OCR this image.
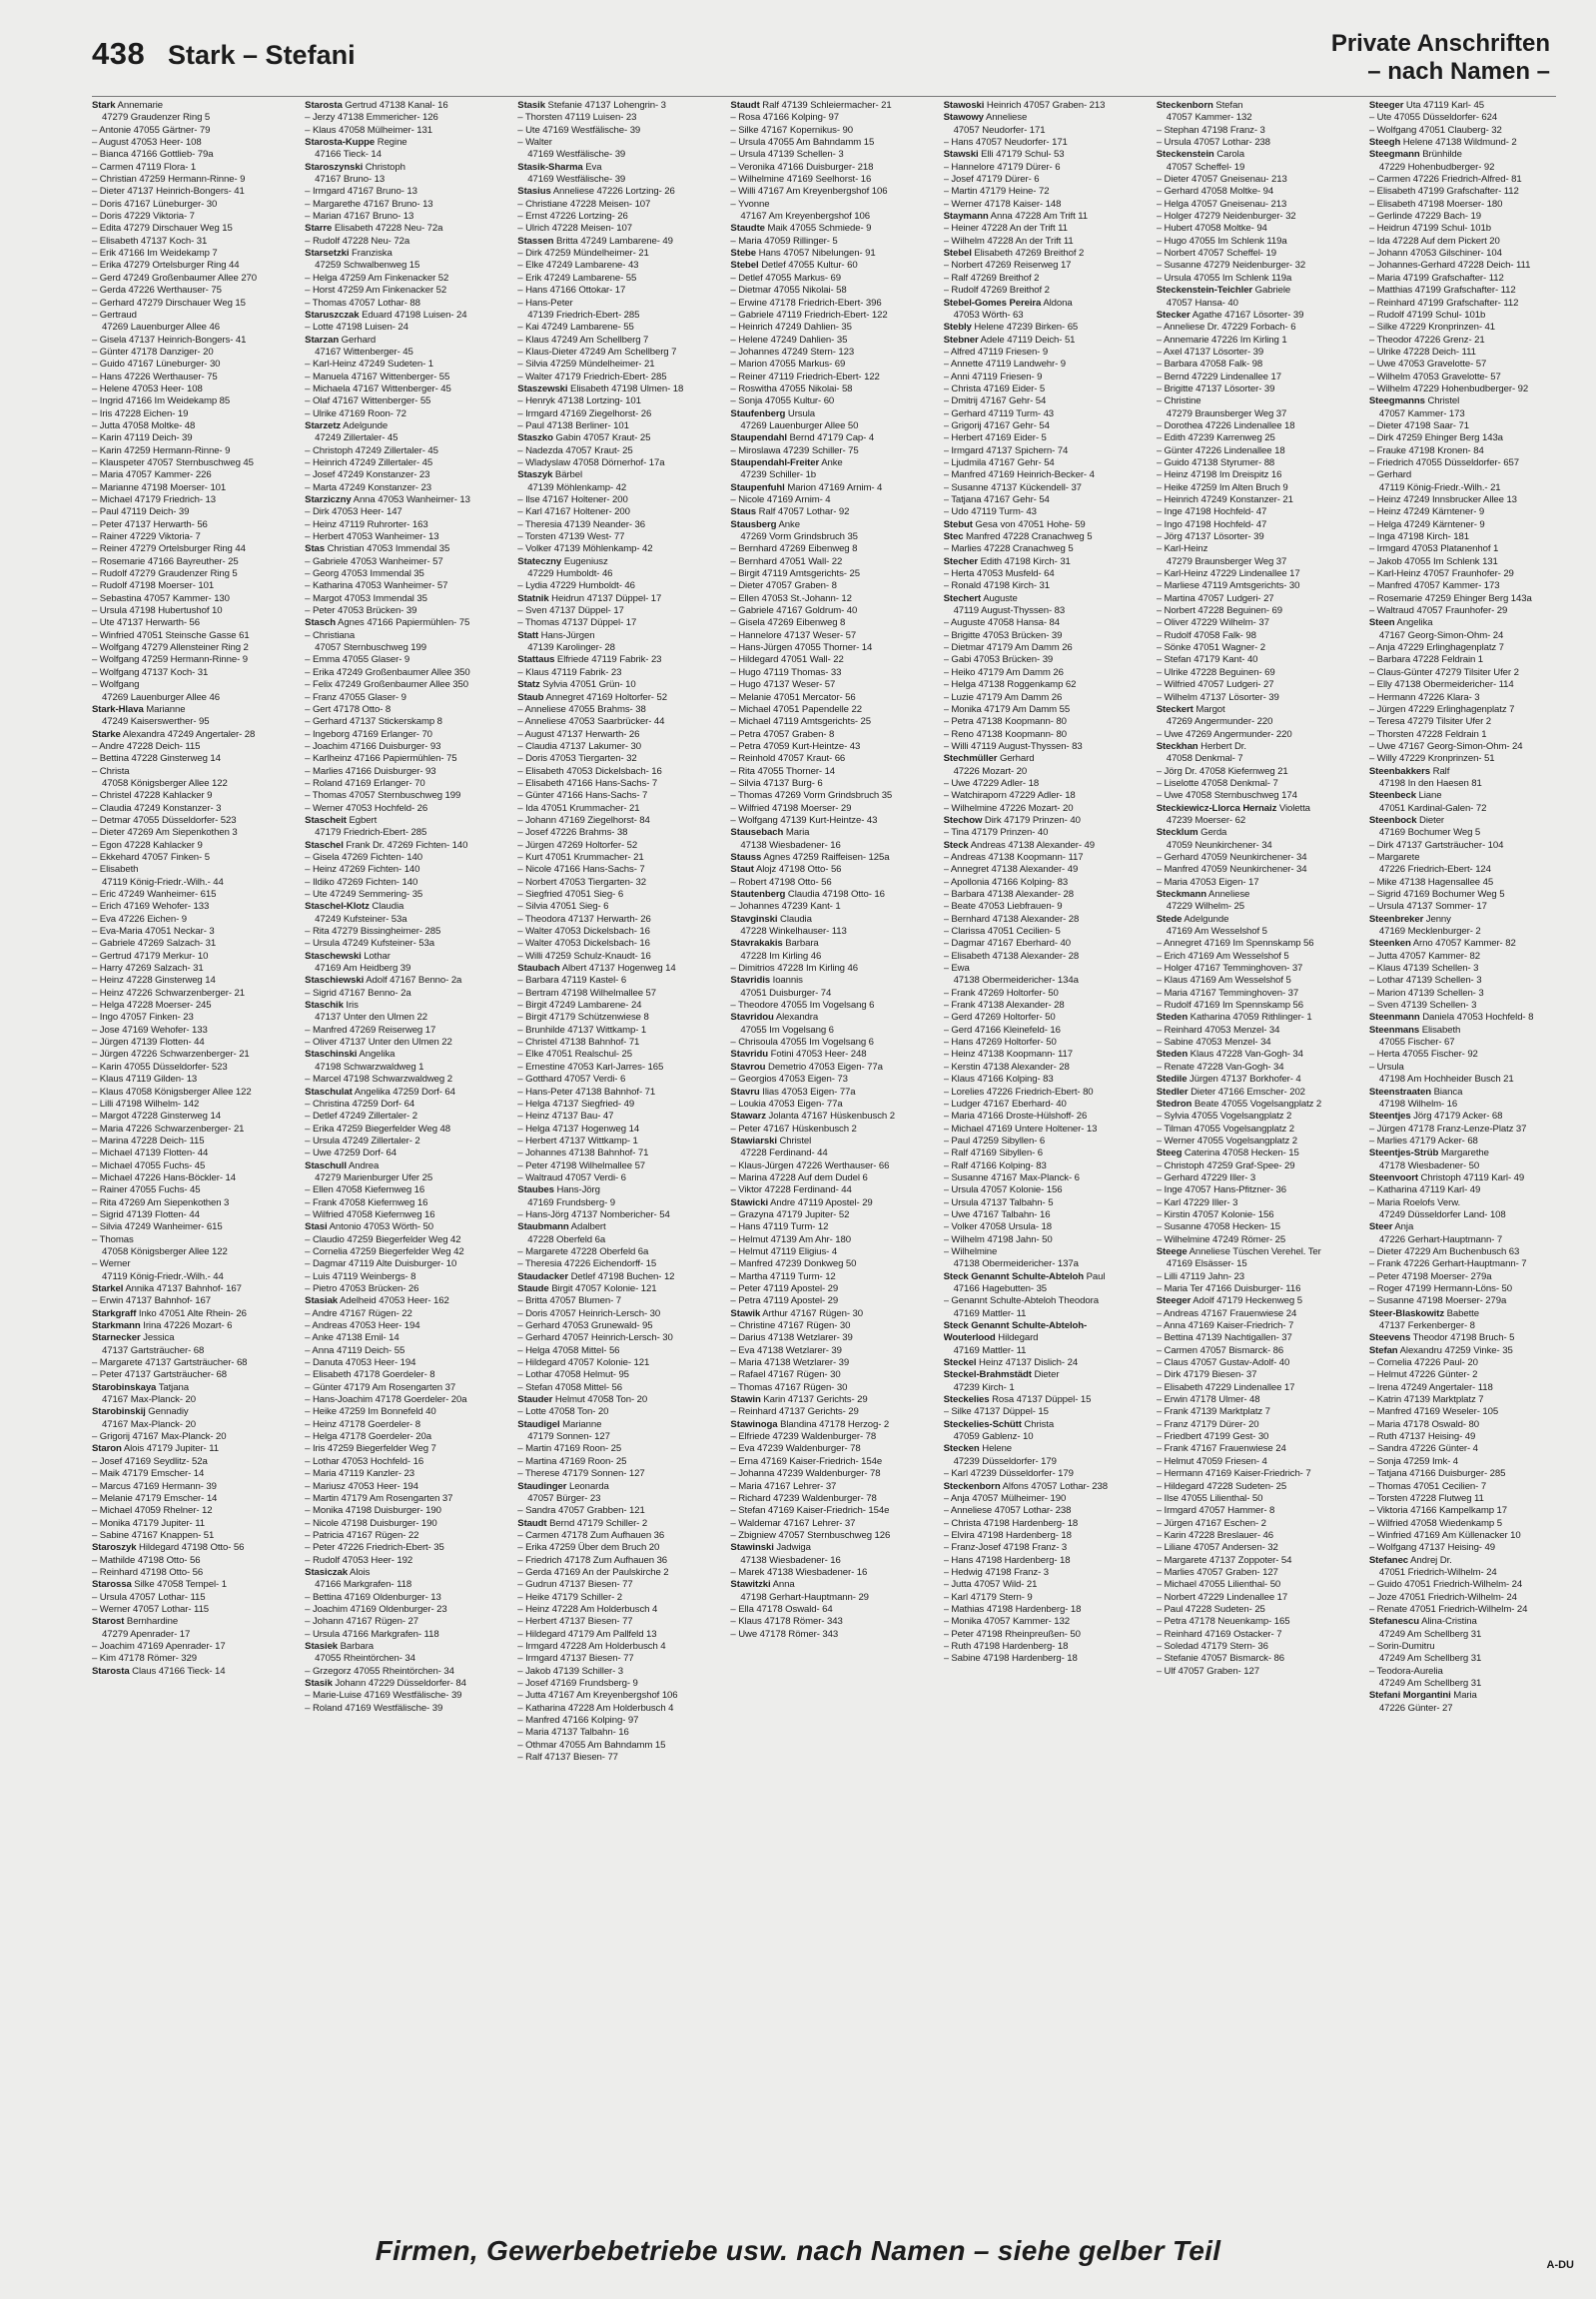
438 Stark – Stefani	Private Anschriften
– nach Namen –
Stark Annemarie
47279 Graudenzer Ring 5
– Antonie 47055 Gärtner- 79
– August 47053 Heer- 108
– Bianca 47166 Gottlieb- 79a
– Carmen 47119 Flora- 1
– Christian 47259 Hermann-Rinne- 9
– Dieter 47137 Heinrich-Bongers- 41
– Doris 47167 Lüneburger- 30
– Doris 47229 Viktoria- 7
– Edita 47279 Dirschauer Weg 15
– Elisabeth 47137 Koch- 31
– Erik 47166 Im Weidekamp 7
– Erika 47279 Ortelsburger Ring 44
– Gerd 47249 Großenbaumer Allee 270
– Gerda 47226 Werthauser- 75
– Gerhard 47279 Dirschauer Weg 15
– Gertraud
47269 Lauenburger Allee 46
– Gisela 47137 Heinrich-Bongers- 41
– Günter 47178 Danziger- 20
– Guido 47167 Lüneburger- 30
– Hans 47226 Werthauser- 75
– Helene 47053 Heer- 108
– Ingrid 47166 Im Weidekamp 85
– Iris 47228 Eichen- 19
– Jutta 47058 Moltke- 48
– Karin 47119 Deich- 39
– Karin 47259 Hermann-Rinne- 9
– Klauspeter 47057 Sternbuschweg 45
– Maria 47057 Kammer- 226
– Marianne 47198 Moerser- 101
– Michael 47179 Friedrich- 13
– Paul 47119 Deich- 39
– Peter 47137 Herwarth- 56
– Rainer 47229 Viktoria- 7
– Reiner 47279 Ortelsburger Ring 44
– Rosemarie 47166 Bayreuther- 25
– Rudolf 47279 Graudenzer Ring 5
– Rudolf 47198 Moerser- 101
– Sebastina 47057 Kammer- 130
– Ursula 47198 Hubertushof 10
– Ute 47137 Herwarth- 56
– Winfried 47051 Steinsche Gasse 61
– Wolfgang 47279 Allensteiner Ring 2
– Wolfgang 47259 Hermann-Rinne- 9
– Wolfgang 47137 Koch- 31
– Wolfgang
47269 Lauenburger Allee 46
Stark-Hlava Marianne
47249 Kaiserswerther- 95
Starke Alexandra 47249 Angertaler- 28
– Andre 47228 Deich- 115
– Bettina 47228 Ginsterweg 14
– Christa
47058 Königsberger Allee 122
– Christel 47228 Kahlacker 9
– Claudia 47249 Konstanzer- 3
– Detmar 47055 Düsseldorfer- 523
– Dieter 47269 Am Siepenkothen 3
– Egon 47228 Kahlacker 9
– Ekkehard 47057 Finken- 5
– Elisabeth
47119 König-Friedr.-Wilh.- 44
– Eric 47249 Wanheimer- 615
– Erich 47169 Wehofer- 133
– Eva 47226 Eichen- 9
– Eva-Maria 47051 Neckar- 3
– Gabriele 47269 Salzach- 31
– Gertrud 47179 Merkur- 10
– Harry 47269 Salzach- 31
– Heinz 47228 Ginsterweg 14
– Heinz 47226 Schwarzenberger- 21
– Helga 47228 Moerser- 245
– Ingo 47057 Finken- 23
– Jose 47169 Wehofer- 133
– Jürgen 47139 Flotten- 44
– Jürgen 47226 Schwarzenberger- 21
– Karin 47055 Düsseldorfer- 523
– Klaus 47119 Gilden- 13
– Klaus 47058 Königsberger Allee 122
– Lilli 47198 Wilhelm- 142
– Margot 47228 Ginsterweg 14
– Maria 47226 Schwarzenberger- 21
– Marina 47228 Deich- 115
– Michael 47139 Flotten- 44
– Michael 47055 Fuchs- 45
– Michael 47226 Hans-Böckler- 14
– Rainer 47055 Fuchs- 45
– Rita 47269 Am Siepenkothen 3
– Sigrid 47139 Flotten- 44
– Silvia 47249 Wanheimer- 615
– Thomas
47058 Königsberger Allee 122
– Werner
47119 König-Friedr.-Wilh.- 44
Starkel Annika 47137 Bahnhof- 167
– Erwin 47137 Bahnhof- 167
Starkgraff Inko 47051 Alte Rhein- 26
Starkmann Irina 47226 Mozart- 6
Starnecker Jessica
47137 Gartsträucher- 68
– Margarete 47137 Gartsträucher- 68
– Peter 47137 Gartsträucher- 68
Starobinskaya Tatjana
47167 Max-Planck- 20
Starobinskij Gennadiy
47167 Max-Planck- 20
– Grigorij 47167 Max-Planck- 20
Staron Alois 47179 Jupiter- 11
– Josef 47169 Seydlitz- 52a
– Maik 47179 Emscher- 14
– Marcus 47169 Hermann- 39
– Melanie 47179 Emscher- 14
– Michael 47059 Rhelner- 12
– Monika 47179 Jupiter- 11
– Sabine 47167 Knappen- 51
Staroszyk Hildegard 47198 Otto- 56
– Mathilde 47198 Otto- 56
– Reinhard 47198 Otto- 56
Starossa Silke 47058 Tempel- 1
– Ursula 47057 Lothar- 115
– Werner 47057 Lothar- 115
Starost Bernhardine
47279 Apenrader- 17
– Joachim 47169 Apenrader- 17
– Kim 47178 Römer- 329
Starosta Claus 47166 Tieck- 14
Starosta Gertrud 47138 Kanal- 16
– Jerzy 47138 Emmericher- 126
– Klaus 47058 Mülheimer- 131
Starosta-Kuppe Regine
47166 Tieck- 14
Staroszynski Christoph
47167 Bruno- 13
– Irmgard 47167 Bruno- 13
– Margarethe 47167 Bruno- 13
– Marian 47167 Bruno- 13
Starre Elisabeth 47228 Neu- 72a
– Rudolf 47228 Neu- 72a
Starsetzki Franziska
47259 Schwalbenweg 15
– Helga 47259 Am Finkenacker 52
– Horst 47259 Am Finkenacker 52
– Thomas 47057 Lothar- 88
Staruszczak Eduard 47198 Luisen- 24
– Lotte 47198 Luisen- 24
Starzan Gerhard
47167 Wittenberger- 45
– Karl-Heinz 47249 Sudeten- 1
– Manuela 47167 Wittenberger- 55
– Michaela 47167 Wittenberger- 45
– Olaf 47167 Wittenberger- 55
– Ulrike 47169 Roon- 72
Starzetz Adelgunde
47249 Zillertaler- 45
– Christoph 47249 Zillertaler- 45
– Heinrich 47249 Zillertaler- 45
– Josef 47249 Konstanzer- 23
– Marta 47249 Konstanzer- 23
Starziczny Anna 47053 Wanheimer- 13
– Dirk 47053 Heer- 147
– Heinz 47119 Ruhrorter- 163
– Herbert 47053 Wanheimer- 13
Stas Christian 47053 Immendal 35
– Gabriele 47053 Wanheimer- 57
– Georg 47053 Immendal 35
– Katharina 47053 Wanheimer- 57
– Margot 47053 Immendal 35
– Peter 47053 Brücken- 39
Stasch Agnes 47166 Papiermühlen- 75
– Christiana
47057 Sternbuschweg 199
– Emma 47055 Glaser- 9
– Erika 47249 Großenbaumer Allee 350
– Felix 47249 Großenbaumer Allee 350
– Franz 47055 Glaser- 9
– Gert 47178 Otto- 8
– Gerhard 47137 Stickerskamp 8
– Ingeborg 47169 Erlanger- 70
– Joachim 47166 Duisburger- 93
– Karlheinz 47166 Papiermühlen- 75
– Marlies 47166 Duisburger- 93
– Roland 47169 Erlanger- 70
– Thomas 47057 Sternbuschweg 199
– Werner 47053 Hochfeld- 26
Stascheit Egbert
47179 Friedrich-Ebert- 285
Staschel Frank Dr. 47269 Fichten- 140
– Gisela 47269 Fichten- 140
– Heinz 47269 Fichten- 140
– Ildiko 47269 Fichten- 140
– Ute 47249 Semmering- 35
Staschel-Klotz Claudia
47249 Kufsteiner- 53a
– Rita 47279 Bissingheimer- 285
– Ursula 47249 Kufsteiner- 53a
Staschewski Lothar
47169 Am Heidberg 39
Staschiewski Adolf 47167 Benno- 2a
– Sigrid 47167 Benno- 2a
Staschik Iris
47137 Unter den Ulmen 22
– Manfred 47269 Reiserweg 17
– Oliver 47137 Unter den Ulmen 22
Staschinski Angelika
47198 Schwarzwaldweg 1
– Marcel 47198 Schwarzwaldweg 2
Staschulat Angelika 47259 Dorf- 64
– Christina 47259 Dorf- 64
– Detlef 47249 Zillertaler- 2
– Erika 47259 Biegerfelder Weg 48
– Ursula 47249 Zillertaler- 2
– Uwe 47259 Dorf- 64
Staschull Andrea
47279 Marienburger Ufer 25
– Ellen 47058 Kiefernweg 16
– Frank 47058 Kiefernweg 16
– Wilfried 47058 Kiefernweg 16
Stasi Antonio 47053 Wörth- 50
– Claudio 47259 Biegerfelder Weg 42
– Cornelia 47259 Biegerfelder Weg 42
– Dagmar 47119 Alte Duisburger- 10
– Luis 47119 Weinbergs- 8
– Pietro 47053 Brücken- 26
Stasiak Adelheid 47053 Heer- 162
– Andre 47167 Rügen- 22
– Andreas 47053 Heer- 194
– Anke 47138 Emil- 14
– Anna 47119 Deich- 55
– Danuta 47053 Heer- 194
– Elisabeth 47178 Goerdeler- 8
– Günter 47179 Am Rosengarten 37
– Hans-Joachim 47178 Goerdeler- 20a
– Heike 47259 Im Bonnefeld 40
– Heinz 47178 Goerdeler- 8
– Helga 47178 Goerdeler- 20a
– Iris 47259 Biegerfelder Weg 7
– Lothar 47053 Hochfeld- 16
– Maria 47119 Kanzler- 23
– Mariusz 47053 Heer- 194
– Martin 47179 Am Rosengarten 37
– Monika 47198 Duisburger- 190
– Nicole 47198 Duisburger- 190
– Patricia 47167 Rügen- 22
– Peter 47226 Friedrich-Ebert- 35
– Rudolf 47053 Heer- 192
Stasiczak Alois
47166 Markgrafen- 118
– Bettina 47169 Oldenburger- 13
– Joachim 47169 Oldenburger- 23
– Johann 47167 Rügen- 27
– Ursula 47166 Markgrafen- 118
Stasiek Barbara
47055 Rheintörchen- 34
– Grzegorz 47055 Rheintörchen- 34
Stasik Johann 47229 Düsseldorfer- 84
– Marie-Luise 47169 Westfälische- 39
– Roland 47169 Westfälische- 39
Stasik Stefanie 47137 Lohengrin- 3
– Thorsten 47119 Luisen- 23
– Ute 47169 Westfälische- 39
– Walter
47169 Westfälische- 39
Stasik-Sharma Eva
47169 Westfälische- 39
Stasius Anneliese 47226 Lortzing- 26
– Christiane 47228 Meisen- 107
– Ernst 47226 Lortzing- 26
– Ulrich 47228 Meisen- 107
Stassen Britta 47249 Lambarene- 49
– Dirk 47259 Mündelheimer- 21
– Elke 47249 Lambarene- 43
– Erik 47249 Lambarene- 55
– Hans 47166 Ottokar- 17
– Hans-Peter
47139 Friedrich-Ebert- 285
– Kai 47249 Lambarene- 55
– Klaus 47249 Am Schellberg 7
– Klaus-Dieter 47249 Am Schellberg 7
– Silvia 47259 Mündelheimer- 21
– Walter 47179 Friedrich-Ebert- 285
Staszewski Elisabeth 47198 Ulmen- 18
– Henryk 47138 Lortzing- 101
– Irmgard 47169 Ziegelhorst- 26
– Paul 47138 Berliner- 101
Staszko Gabin 47057 Kraut- 25
– Nadezda 47057 Kraut- 25
– Wladyslaw 47058 Dörnerhof- 17a
Staszyk Bärbel
47139 Möhlenkamp- 42
– Ilse 47167 Holtener- 200
– Karl 47167 Holtener- 200
– Theresia 47139 Neander- 36
– Torsten 47139 West- 77
– Volker 47139 Möhlenkamp- 42
Stateczny Eugeniusz
47229 Humboldt- 46
– Lydia 47229 Humboldt- 46
Statnik Heidrun 47137 Düppel- 17
– Sven 47137 Düppel- 17
– Thomas 47137 Düppel- 17
Statt Hans-Jürgen
47139 Karolinger- 28
Stattaus Elfriede 47119 Fabrik- 23
– Klaus 47119 Fabrik- 23
Statz Sylvia 47051 Grün- 10
Staub Annegret 47169 Holtorfer- 52
– Anneliese 47055 Brahms- 38
– Anneliese 47053 Saarbrücker- 44
– August 47137 Herwarth- 26
– Claudia 47137 Lakumer- 30
– Doris 47053 Tiergarten- 32
– Elisabeth 47053 Dickelsbach- 16
– Elisabeth 47166 Hans-Sachs- 7
– Günter 47166 Hans-Sachs- 7
– Ida 47051 Krummacher- 21
– Johann 47169 Ziegelhorst- 84
– Josef 47226 Brahms- 38
– Jürgen 47269 Holtorfer- 52
– Kurt 47051 Krummacher- 21
– Nicole 47166 Hans-Sachs- 7
– Norbert 47053 Tiergarten- 32
– Siegfried 47051 Sieg- 6
– Silvia 47051 Sieg- 6
– Theodora 47137 Herwarth- 26
– Walter 47053 Dickelsbach- 16
– Walter 47053 Dickelsbach- 16
– Willi 47259 Schulz-Knaudt- 16
Staubach Albert 47137 Hogenweg 14
– Barbara 47119 Kastel- 6
– Bertram 47198 Wilhelmallee 57
– Birgit 47249 Lambarene- 24
– Birgit 47179 Schützenwiese 8
– Brunhilde 47137 Wittkamp- 1
– Christel 47138 Bahnhof- 71
– Elke 47051 Realschul- 25
– Ernestine 47053 Karl-Jarres- 165
– Gotthard 47057 Verdi- 6
– Hans-Peter 47138 Bahnhof- 71
– Helga 47137 Siegfried- 49
– Heinz 47137 Bau- 47
– Helga 47137 Hogenweg 14
– Herbert 47137 Wittkamp- 1
– Johannes 47138 Bahnhof- 71
– Peter 47198 Wilhelmallee 57
– Waltraud 47057 Verdi- 6
Staubes Hans-Jörg
47169 Frundsberg- 9
– Hans-Jörg 47137 Nombericher- 54
Staubmann Adalbert
47228 Oberfeld 6a
– Margarete 47228 Oberfeld 6a
– Theresia 47226 Eichendorff- 15
Staudacker Detlef 47198 Buchen- 12
Staude Birgit 47057 Kolonie- 121
– Britta 47057 Blumen- 7
– Doris 47057 Heinrich-Lersch- 30
– Gerhard 47053 Grunewald- 95
– Gerhard 47057 Heinrich-Lersch- 30
– Helga 47058 Mittel- 56
– Hildegard 47057 Kolonie- 121
– Lothar 47058 Helmut- 95
– Stefan 47058 Mittel- 56
Stauder Helmut 47058 Ton- 20
– Lotte 47058 Ton- 20
Staudigel Marianne
47179 Sonnen- 127
– Martin 47169 Roon- 25
– Martina 47169 Roon- 25
– Therese 47179 Sonnen- 127
Staudinger Leonarda
47057 Bürger- 23
– Sandra 47057 Grabben- 121
Staudt Bernd 47179 Schiller- 2
– Carmen 47178 Zum Aufhauen 36
– Erika 47259 Über dem Bruch 20
– Friedrich 47178 Zum Aufhauen 36
– Gerda 47169 An der Paulskirche 2
– Gudrun 47137 Biesen- 77
– Heike 47179 Schiller- 2
– Heinz 47228 Am Holderbusch 4
– Herbert 47137 Biesen- 77
– Hildegard 47179 Am Pallfeld 13
– Irmgard 47228 Am Holderbusch 4
– Irmgard 47137 Biesen- 77
– Jakob 47139 Schiller- 3
– Josef 47169 Frundsberg- 9
– Jutta 47167 Am Kreyenbergshof 106
– Katharina 47228 Am Holderbusch 4
– Manfred 47166 Kolping- 97
– Maria 47137 Talbahn- 16
– Othmar 47055 Am Bahndamm 15
– Ralf 47137 Biesen- 77
Staudt Ralf 47139 Schleiermacher- 21
– Rosa 47166 Kolping- 97
– Silke 47167 Kopernikus- 90
– Ursula 47055 Am Bahndamm 15
– Ursula 47139 Schellen- 3
– Veronika 47166 Duisburger- 218
– Wilhelmine 47169 Seelhorst- 16
– Willi 47167 Am Kreyenbergshof 106
– Yvonne
47167 Am Kreyenbergshof 106
Staudte Maik 47055 Schmiede- 9
– Maria 47059 Rillinger- 5
Stebe Hans 47057 Nibelungen- 91
Stebel Detlef 47055 Kultur- 60
– Detlef 47055 Markus- 69
– Dietmar 47055 Nikolai- 58
– Erwine 47178 Friedrich-Ebert- 396
– Gabriele 47119 Friedrich-Ebert- 122
– Heinrich 47249 Dahlien- 35
– Helene 47249 Dahlien- 35
– Johannes 47249 Stern- 123
– Marion 47055 Markus- 69
– Reiner 47119 Friedrich-Ebert- 122
– Roswitha 47055 Nikolai- 58
– Sonja 47055 Kultur- 60
Staufenberg Ursula
47269 Lauenburger Allee 50
Staupendahl Bernd 47179 Cap- 4
– Miroslawa 47239 Schiller- 75
Staupendahl-Freiter Anke
47239 Schiller- 1b
Staupenfuhl Marion 47169 Arnim- 4
– Nicole 47169 Arnim- 4
Staus Ralf 47057 Lothar- 92
Stausberg Anke
47269 Vorm Grindsbruch 35
– Bernhard 47269 Eibenweg 8
– Bernhard 47051 Wall- 22
– Birgit 47119 Amtsgerichts- 25
– Dieter 47057 Graben- 8
– Ellen 47053 St.-Johann- 12
– Gabriele 47167 Goldrum- 40
– Gisela 47269 Eibenweg 8
– Hannelore 47137 Weser- 57
– Hans-Jürgen 47055 Thorner- 14
– Hildegard 47051 Wall- 22
– Hugo 47119 Thomas- 33
– Hugo 47137 Weser- 57
– Melanie 47051 Mercator- 56
– Michael 47051 Papendelle 22
– Michael 47119 Amtsgerichts- 25
– Petra 47057 Graben- 8
– Petra 47059 Kurt-Heintze- 43
– Reinhold 47057 Kraut- 66
– Rita 47055 Thorner- 14
– Silvia 47137 Burg- 6
– Thomas 47269 Vorm Grindsbruch 35
– Wilfried 47198 Moerser- 29
– Wolfgang 47139 Kurt-Heintze- 43
Stausebach Maria
47138 Wiesbadener- 16
Stauss Agnes 47259 Raiffeisen- 125a
Staut Alojz 47198 Otto- 56
– Robert 47198 Otto- 56
Stautenberg Claudia 47198 Otto- 16
– Johannes 47239 Kant- 1
Stavginski Claudia
47228 Winkelhauser- 113
Stavrakakis Barbara
47228 Im Kirling 46
– Dimitrios 47228 Im Kirling 46
Stavridis Ioannis
47051 Duisburger- 74
– Theodore 47055 Im Vogelsang 6
Stavridou Alexandra
47055 Im Vogelsang 6
– Chrisoula 47055 Im Vogelsang 6
Stavridu Fotini 47053 Heer- 248
Stavrou Demetrio 47053 Eigen- 77a
– Georgios 47053 Eigen- 73
Stavru Ilias 47053 Eigen- 77a
– Loukia 47053 Eigen- 77a
Stawarz Jolanta 47167 Hüskenbusch 2
– Peter 47167 Hüskenbusch 2
Stawiarski Christel
47228 Ferdinand- 44
– Klaus-Jürgen 47226 Werthauser- 66
– Marina 47228 Auf dem Dudel 6
– Viktor 47228 Ferdinand- 44
Stawicki Andre 47119 Apostel- 29
– Grazyna 47179 Jupiter- 52
– Hans 47119 Turm- 12
– Helmut 47139 Am Ahr- 180
– Helmut 47119 Eligius- 4
– Manfred 47239 Donkweg 50
– Martha 47119 Turm- 12
– Peter 47119 Apostel- 29
– Petra 47119 Apostel- 29
Stawik Arthur 47167 Rügen- 30
– Christine 47167 Rügen- 30
– Darius 47138 Wetzlarer- 39
– Eva 47138 Wetzlarer- 39
– Maria 47138 Wetzlarer- 39
– Rafael 47167 Rügen- 30
– Thomas 47167 Rügen- 30
Stawin Karin 47137 Gerichts- 29
– Reinhard 47137 Gerichts- 29
Stawinoga Blandina 47178 Herzog- 2
– Elfriede 47239 Waldenburger- 78
– Eva 47239 Waldenburger- 78
– Erna 47169 Kaiser-Friedrich- 154e
– Johanna 47239 Waldenburger- 78
– Maria 47167 Lehrer- 37
– Richard 47239 Waldenburger- 78
– Stefan 47169 Kaiser-Friedrich- 154e
– Waldemar 47167 Lehrer- 37
– Zbigniew 47057 Sternbuschweg 126
Stawinski Jadwiga
47138 Wiesbadener- 16
– Marek 47138 Wiesbadener- 16
Stawitzki Anna
47198 Gerhart-Hauptmann- 29
– Ella 47178 Oswald- 64
– Klaus 47178 Römer- 343
– Uwe 47178 Römer- 343
Stawoski Heinrich 47057 Graben- 213
Stawowy Anneliese
47057 Neudorfer- 171
– Hans 47057 Neudorfer- 171
Stawski Elli 47179 Schul- 53
– Hannelore 47179 Dürer- 6
– Josef 47179 Dürer- 6
– Martin 47179 Heine- 72
– Werner 47178 Kaiser- 148
Staymann Anna 47228 Am Trift 11
– Heiner 47228 An der Trift 11
– Wilhelm 47228 An der Trift 11
Stebel Elisabeth 47269 Breithof 2
– Norbert 47269 Reiserweg 17
– Ralf 47269 Breithof 2
– Rudolf 47269 Breithof 2
Stebel-Gomes Pereira Aldona
47053 Wörth- 63
Stebly Helene 47239 Birken- 65
Stebner Adele 47119 Deich- 51
– Alfred 47119 Friesen- 9
– Annette 47119 Landwehr- 9
– Anni 47119 Friesen- 9
– Christa 47169 Eider- 5
– Dmitrij 47167 Gehr- 54
– Gerhard 47119 Turm- 43
– Grigorij 47167 Gehr- 54
– Herbert 47169 Eider- 5
– Irmgard 47137 Spichern- 74
– Ljudmila 47167 Gehr- 54
– Manfred 47169 Heinrich-Becker- 4
– Susanne 47137 Kückendell- 37
– Tatjana 47167 Gehr- 54
– Udo 47119 Turm- 43
Stebut Gesa von 47051 Hohe- 59
Stec Manfred 47228 Cranachweg 5
– Marlies 47228 Cranachweg 5
Stecher Edith 47198 Kirch- 31
– Herta 47053 Musfeld- 64
– Ronald 47198 Kirch- 31
Stechert Auguste
47119 August-Thyssen- 83
– Auguste 47058 Hansa- 84
– Brigitte 47053 Brücken- 39
– Dietmar 47179 Am Damm 26
– Gabi 47053 Brücken- 39
– Heiko 47179 Am Damm 26
– Helga 47138 Roggenkamp 62
– Luzie 47179 Am Damm 26
– Monika 47179 Am Damm 55
– Petra 47138 Koopmann- 80
– Reno 47138 Koopmann- 80
– Willi 47119 August-Thyssen- 83
Stechmüller Gerhard
47226 Mozart- 20
– Uwe 47229 Adler- 18
– Watchiraporn 47229 Adler- 18
– Wilhelmine 47226 Mozart- 20
Stechow Dirk 47179 Prinzen- 40
– Tina 47179 Prinzen- 40
Steck Andreas 47138 Alexander- 49
– Andreas 47138 Koopmann- 117
– Annegret 47138 Alexander- 49
– Apollonia 47166 Kolping- 83
– Barbara 47138 Alexander- 28
– Beate 47053 Liebfrauen- 9
– Bernhard 47138 Alexander- 28
– Clarissa 47051 Cecilien- 5
– Dagmar 47167 Eberhard- 40
– Elisabeth 47138 Alexander- 28
– Ewa
47138 Obermeidericher- 134a
– Frank 47269 Holtorfer- 50
– Frank 47138 Alexander- 28
– Gerd 47269 Holtorfer- 50
– Gerd 47166 Kleinefeld- 16
– Hans 47269 Holtorfer- 50
– Heinz 47138 Koopmann- 117
– Kerstin 47138 Alexander- 28
– Klaus 47166 Kolping- 83
– Lorelies 47226 Friedrich-Ebert- 80
– Ludger 47167 Eberhard- 40
– Maria 47166 Droste-Hülshoff- 26
– Michael 47169 Untere Holtener- 13
– Paul 47259 Sibyllen- 6
– Ralf 47169 Sibyllen- 6
– Ralf 47166 Kolping- 83
– Susanne 47167 Max-Planck- 6
– Ursula 47057 Kolonie- 156
– Ursula 47137 Talbahn- 5
– Uwe 47167 Talbahn- 16
– Volker 47058 Ursula- 18
– Wilhelm 47198 Jahn- 50
– Wilhelmine
47138 Obermeidericher- 137a
Steck Genannt Schulte-Abteloh Paul
47166 Hagebutten- 35
– Genannt Schulte-Abteloh Theodora
47169 Mattler- 11
Steck Genannt Schulte-Abteloh-
Wouterlood Hildegard
47169 Mattler- 11
Steckel Heinz 47137 Dislich- 24
Steckel-Brahmstädt Dieter
47239 Kirch- 1
Steckelies Rosa 47137 Düppel- 15
– Silke 47137 Düppel- 15
Steckelies-Schütt Christa
47059 Gablenz- 10
Stecken Helene
47239 Düsseldorfer- 179
– Karl 47239 Düsseldorfer- 179
Steckenborn Alfons 47057 Lothar- 238
– Anja 47057 Mülheimer- 190
– Anneliese 47057 Lothar- 238
– Christa 47198 Hardenberg- 18
– Elvira 47198 Hardenberg- 18
– Franz-Josef 47198 Franz- 3
– Hans 47198 Hardenberg- 18
– Hedwig 47198 Franz- 3
– Jutta 47057 Wild- 21
– Karl 47179 Stern- 9
– Mathias 47198 Hardenberg- 18
– Monika 47057 Kammer- 132
– Peter 47198 Rheinpreußen- 50
– Ruth 47198 Hardenberg- 18
– Sabine 47198 Hardenberg- 18
Steckenborn Stefan
47057 Kammer- 132
– Stephan 47198 Franz- 3
– Ursula 47057 Lothar- 238
Steckenstein Carola
47057 Scheffel- 19
– Dieter 47057 Gneisenau- 213
– Gerhard 47058 Moltke- 94
– Helga 47057 Gneisenau- 213
– Holger 47279 Neidenburger- 32
– Hubert 47058 Moltke- 94
– Hugo 47055 Im Schlenk 119a
– Norbert 47057 Scheffel- 19
– Susanne 47279 Neidenburger- 32
– Ursula 47055 Im Schlenk 119a
Steckenstein-Teichler Gabriele
47057 Hansa- 40
Stecker Agathe 47167 Lösorter- 39
– Anneliese Dr. 47229 Forbach- 6
– Annemarie 47226 Im Kirling 1
– Axel 47137 Lösorter- 39
– Barbara 47058 Falk- 98
– Bernd 47229 Lindenallee 17
– Brigitte 47137 Lösorter- 39
– Christine
47279 Braunsberger Weg 37
– Dorothea 47226 Lindenallee 18
– Edith 47239 Karrenweg 25
– Günter 47226 Lindenallee 18
– Guido 47138 Styrumer- 88
– Heinz 47198 Im Dreispitz 16
– Heike 47259 Im Alten Bruch 9
– Heinrich 47249 Konstanzer- 21
– Inge 47198 Hochfeld- 47
– Ingo 47198 Hochfeld- 47
– Jörg 47137 Lösorter- 39
– Karl-Heinz
47279 Braunsberger Weg 37
– Karl-Heinz 47229 Lindenallee 17
– Marliese 47119 Amtsgerichts- 30
– Martina 47057 Ludgeri- 27
– Norbert 47228 Beguinen- 69
– Oliver 47229 Wilhelm- 37
– Rudolf 47058 Falk- 98
– Sönke 47051 Wagner- 2
– Stefan 47179 Kant- 40
– Ulrike 47228 Beguinen- 69
– Wilfried 47057 Ludgeri- 27
– Wilhelm 47137 Lösorter- 39
Steckert Margot
47269 Angermunder- 220
– Uwe 47269 Angermunder- 220
Steckhan Herbert Dr.
47058 Denkmal- 7
– Jörg Dr. 47058 Kiefernweg 21
– Liselotte 47058 Denkmal- 7
– Uwe 47058 Sternbuschweg 174
Steckiewicz-Llorca Hernaiz Violetta
47239 Moerser- 62
Stecklum Gerda
47059 Neunkirchener- 34
– Gerhard 47059 Neunkirchener- 34
– Manfred 47059 Neunkirchener- 34
– Maria 47053 Eigen- 17
Steckmann Anneliese
47229 Wilhelm- 25
Stede Adelgunde
47169 Am Wesselshof 5
– Annegret 47169 Im Spennskamp 56
– Erich 47169 Am Wesselshof 5
– Holger 47167 Temminghoven- 37
– Klaus 47169 Am Wesselshof 5
– Maria 47167 Temminghoven- 37
– Rudolf 47169 Im Spennskamp 56
Steden Katharina 47059 Rithlinger- 1
– Reinhard 47053 Menzel- 34
– Sabine 47053 Menzel- 34
Steden Klaus 47228 Van-Gogh- 34
– Renate 47228 Van-Gogh- 34
Stedile Jürgen 47137 Borkhofer- 4
Stedler Dieter 47166 Emscher- 202
Stedron Beate 47055 Vogelsangplatz 2
– Sylvia 47055 Vogelsangplatz 2
– Tilman 47055 Vogelsangplatz 2
– Werner 47055 Vogelsangplatz 2
Steeg Caterina 47058 Hecken- 15
– Christoph 47259 Graf-Spee- 29
– Gerhard 47229 Iller- 3
– Inge 47057 Hans-Pfitzner- 36
– Karl 47229 Iller- 3
– Kirstin 47057 Kolonie- 156
– Susanne 47058 Hecken- 15
– Wilhelmine 47249 Römer- 25
Steege Anneliese Tüschen Verehel. Ter
47169 Elsässer- 15
– Lilli 47119 Jahn- 23
– Maria Ter 47166 Duisburger- 116
Steeger Adolf 47179 Heckenweg 5
– Andreas 47167 Frauenwiese 24
– Anna 47169 Kaiser-Friedrich- 7
– Bettina 47139 Nachtigallen- 37
– Carmen 47057 Bismarck- 86
– Claus 47057 Gustav-Adolf- 40
– Dirk 47179 Biesen- 37
– Elisabeth 47229 Lindenallee 17
– Erwin 47178 Ulmer- 48
– Frank 47139 Marktplatz 7
– Franz 47179 Dürer- 20
– Friedbert 47199 Gest- 30
– Frank 47167 Frauenwiese 24
– Helmut 47059 Friesen- 4
– Hermann 47169 Kaiser-Friedrich- 7
– Hildegard 47228 Sudeten- 25
– Ilse 47055 Lilienthal- 50
– Irmgard 47057 Hammer- 8
– Jürgen 47167 Eschen- 2
– Karin 47228 Breslauer- 46
– Liliane 47057 Andersen- 32
– Margarete 47137 Zoppoter- 54
– Marlies 47057 Graben- 127
– Michael 47055 Lilienthal- 50
– Norbert 47229 Lindenallee 17
– Paul 47228 Sudeten- 25
– Petra 47178 Neuenkamp- 165
– Reinhard 47169 Ostacker- 7
– Soledad 47179 Stern- 36
– Stefanie 47057 Bismarck- 86
– Ulf 47057 Graben- 127
Steeger Uta 47119 Karl- 45
– Ute 47055 Düsseldorfer- 624
– Wolfgang 47051 Clauberg- 32
Steegh Helene 47138 Wildmund- 2
Steegmann Brünhilde
47229 Hohenbudberger- 92
– Carmen 47226 Friedrich-Alfred- 81
– Elisabeth 47199 Grafschafter- 112
– Elisabeth 47198 Moerser- 180
– Gerlinde 47229 Bach- 19
– Heidrun 47199 Schul- 101b
– Ida 47228 Auf dem Pickert 20
– Johann 47053 Gilschiner- 104
– Johannes-Gerhard 47228 Deich- 111
– Maria 47199 Grafschafter- 112
– Matthias 47199 Grafschafter- 112
– Reinhard 47199 Grafschafter- 112
– Rudolf 47199 Schul- 101b
– Silke 47229 Kronprinzen- 41
– Theodor 47226 Grenz- 21
– Ulrike 47228 Deich- 111
– Uwe 47053 Gravelotte- 57
– Wilhelm 47053 Gravelotte- 57
– Wilhelm 47229 Hohenbudberger- 92
Steegmanns Christel
47057 Kammer- 173
– Dieter 47198 Saar- 71
– Dirk 47259 Ehinger Berg 143a
– Frauke 47198 Kronen- 84
– Friedrich 47055 Düsseldorfer- 657
– Gerhard
47119 König-Friedr.-Wilh.- 21
– Heinz 47249 Innsbrucker Allee 13
– Heinz 47249 Kärntener- 9
– Helga 47249 Kärntener- 9
– Inga 47198 Kirch- 181
– Irmgard 47053 Platanenhof 1
– Jakob 47055 Im Schlenk 131
– Karl-Heinz 47057 Fraunhofer- 29
– Manfred 47057 Kammer- 173
– Rosemarie 47259 Ehinger Berg 143a
– Waltraud 47057 Fraunhofer- 29
Steen Angelika
47167 Georg-Simon-Ohm- 24
– Anja 47229 Erlinghagenplatz 7
– Barbara 47228 Feldrain 1
– Claus-Günter 47279 Tilsiter Ufer 2
– Elly 47138 Obermeidericher- 114
– Hermann 47226 Klara- 3
– Jürgen 47229 Erlinghagenplatz 7
– Teresa 47279 Tilsiter Ufer 2
– Thorsten 47228 Feldrain 1
– Uwe 47167 Georg-Simon-Ohm- 24
– Willy 47229 Kronprinzen- 51
Steenbakkers Ralf
47198 In den Haesen 81
Steenbeck Liane
47051 Kardinal-Galen- 72
Steenbock Dieter
47169 Bochumer Weg 5
– Dirk 47137 Gartsträucher- 104
– Margarete
47226 Friedrich-Ebert- 124
– Mike 47138 Hagensallee 45
– Sigrid 47169 Bochumer Weg 5
– Ursula 47137 Sommer- 17
Steenbreker Jenny
47169 Mecklenburger- 2
Steenken Arno 47057 Kammer- 82
– Jutta 47057 Kammer- 82
– Klaus 47139 Schellen- 3
– Lothar 47139 Schellen- 3
– Marion 47139 Schellen- 3
– Sven 47139 Schellen- 3
Steenmann Daniela 47053 Hochfeld- 8
Steenmans Elisabeth
47055 Fischer- 67
– Herta 47055 Fischer- 92
– Ursula
47198 Am Hochheider Busch 21
Steenstraaten Bianca
47198 Wilhelm- 16
Steentjes Jörg 47179 Acker- 68
– Jürgen 47178 Franz-Lenze-Platz 37
– Marlies 47179 Acker- 68
Steentjes-Strüb Margarethe
47178 Wiesbadener- 50
Steenvoort Christoph 47119 Karl- 49
– Katharina 47119 Karl- 49
– Maria Roelofs Verw.
47249 Düsseldorfer Land- 108
Steer Anja
47226 Gerhart-Hauptmann- 7
– Dieter 47229 Am Buchenbusch 63
– Frank 47226 Gerhart-Hauptmann- 7
– Peter 47198 Moerser- 279a
– Roger 47199 Hermann-Löns- 50
– Susanne 47198 Moerser- 279a
Steer-Blaskowitz Babette
47137 Ferkenberger- 8
Steevens Theodor 47198 Bruch- 5
Stefan Alexandru 47259 Vinke- 35
– Cornelia 47226 Paul- 20
– Helmut 47226 Günter- 2
– Irena 47249 Angertaler- 118
– Katrin 47139 Marktplatz 7
– Manfred 47169 Weseler- 105
– Maria 47178 Oswald- 80
– Ruth 47137 Heising- 49
– Sandra 47226 Günter- 4
– Sonja 47259 Imk- 4
– Tatjana 47166 Duisburger- 285
– Thomas 47051 Cecilien- 7
– Torsten 47228 Flutweg 11
– Viktoria 47166 Kampelkamp 17
– Wilfried 47058 Wiedenkamp 5
– Winfried 47169 Am Küllenacker 10
– Wolfgang 47137 Heising- 49
Stefanec Andrej Dr.
47051 Friedrich-Wilhelm- 24
– Guido 47051 Friedrich-Wilhelm- 24
– Joze 47051 Friedrich-Wilhelm- 24
– Renate 47051 Friedrich-Wilhelm- 24
Stefanescu Alina-Cristina
47249 Am Schellberg 31
– Sorin-Dumitru
47249 Am Schellberg 31
– Teodora-Aurelia
47249 Am Schellberg 31
Stefani Morgantini Maria
47226 Günter- 27
Firmen, Gewerbebetriebe usw. nach Namen – siehe gelber Teil	A-DU
